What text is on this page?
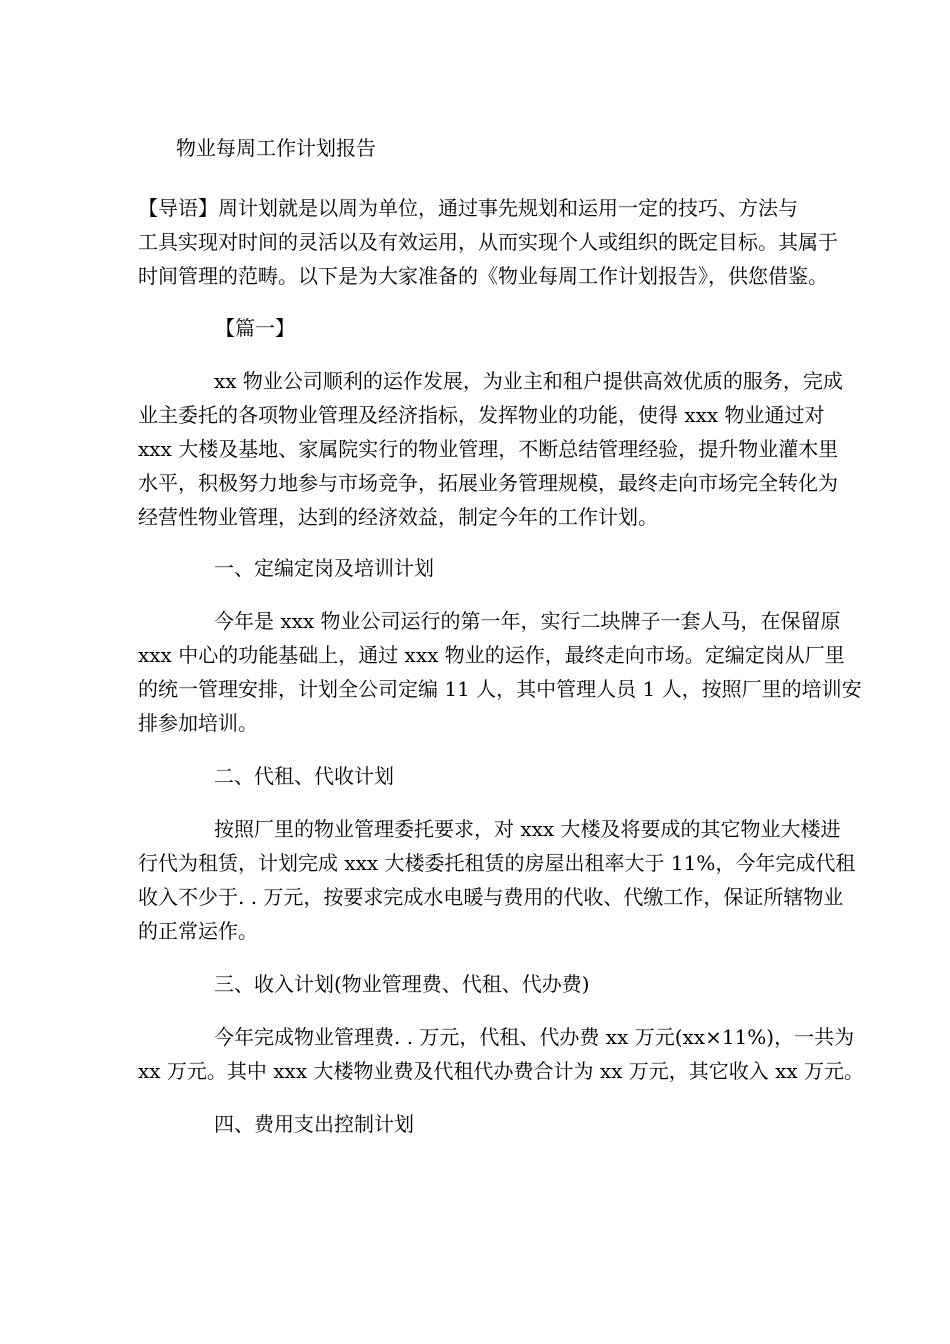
物业每周工作计划报告

【导语】周计划就是以周为单位，通过事先规划和运用一定的技巧、方法与

工具实现对时间的灵活以及有效运用，从而实现个人或组织的既定目标。其属于

时间管理的范畴。以下是为大家准备的《物业每周工作计划报告》，供您借鉴。

【篇一】

xx 物业公司顺利的运作发展，为业主和租户提供高效优质的服务，完成

业主委托的各项物业管理及经济指标，发挥物业的功能，使得 xxx 物业通过对

xxx 大楼及基地、家属院实行的物业管理，不断总结管理经验，提升物业灌木里

水平，积极努力地参与市场竞争，拓展业务管理规模，最终走向市场完全转化为

经营性物业管理，达到的经济效益，制定今年的工作计划。

一、定编定岗及培训计划

今年是 xxx 物业公司运行的第一年，实行二块牌子一套人马，在保留原

xxx 中心的功能基础上，通过 xxx 物业的运作，最终走向市场。定编定岗从厂里

的统一管理安排，计划全公司定编 11 人，其中管理人员 1 人，按照厂里的培训安

排参加培训。

二、代租、代收计划

按照厂里的物业管理委托要求，对 xxx 大楼及将要成的其它物业大楼进

行代为租赁，计划完成 xxx 大楼委托租赁的房屋出租率大于 11%，今年完成代租

收入不少于. . 万元，按要求完成水电暖与费用的代收、代缴工作，保证所辖物业

的正常运作。

三、收入计划(物业管理费、代租、代办费)

今年完成物业管理费. . 万元，代租、代办费 xx 万元(xx×11%)，一共为

xx 万元。其中 xxx 大楼物业费及代租代办费合计为 xx 万元，其它收入 xx 万元。

四、费用支出控制计划
